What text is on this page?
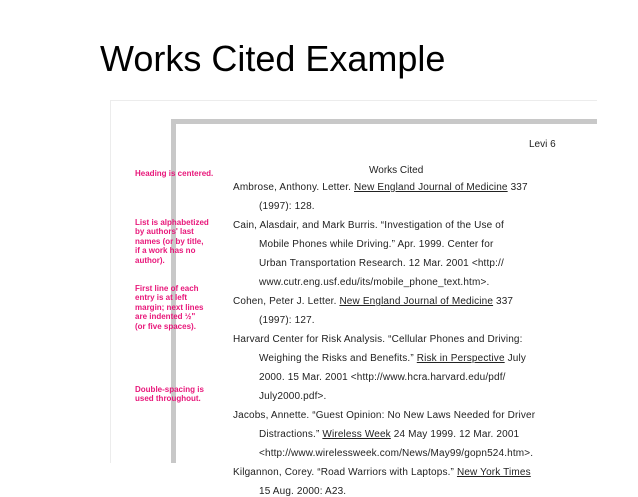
Works Cited Example
Levi 6
Works Cited
Heading is centered.
List is alphabetized
by authors' last
names (or by title,
if a work has no
author).
First line of each
entry is at left
margin; next lines
are indented ½"
(or five spaces).
Double-spacing is
used throughout.
Ambrose, Anthony. Letter. New England Journal of Medicine 337
(1997): 128.
Cain, Alasdair, and Mark Burris. “Investigation of the Use of
Mobile Phones while Driving.” Apr. 1999. Center for
Urban Transportation Research. 12 Mar. 2001 <http://
www.cutr.eng.usf.edu/its/mobile_phone_text.htm>.
Cohen, Peter J. Letter. New England Journal of Medicine 337
(1997): 127.
Harvard Center for Risk Analysis. “Cellular Phones and Driving:
Weighing the Risks and Benefits.” Risk in Perspective July
2000. 15 Mar. 2001 <http://www.hcra.harvard.edu/pdf/
July2000.pdf>.
Jacobs, Annette. “Guest Opinion: No New Laws Needed for Driver
Distractions.” Wireless Week 24 May 1999. 12 Mar. 2001
<http://www.wirelessweek.com/News/May99/gopn524.htm>.
Kilgannon, Corey. “Road Warriors with Laptops.” New York Times
15 Aug. 2000: A23.
